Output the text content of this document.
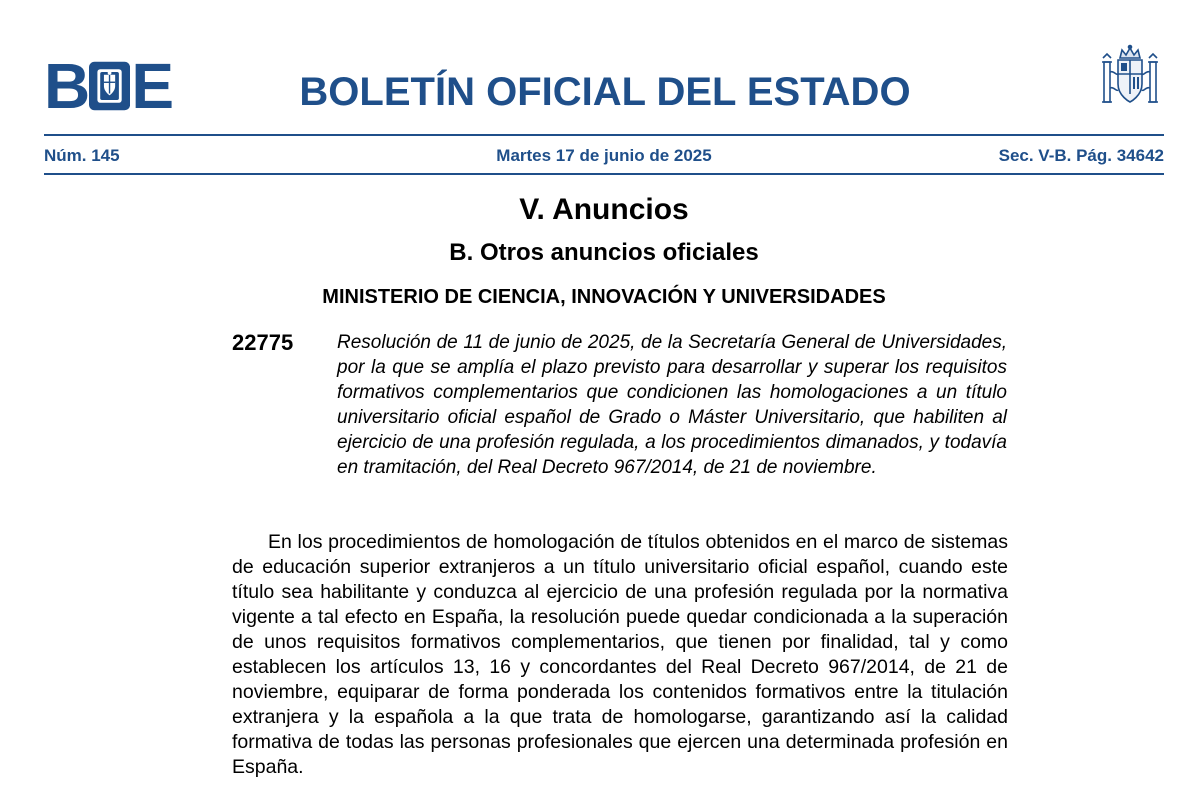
B E	BOLETÍN OFICIAL DEL ESTADO
Martes 17 de junio de 2025
Núm. 145	Sec. V-B. Pág. 34642
V. Anuncios
B. Otros anuncios oficiales
MINISTERIO DE CIENCIA, INNOVACIÓN Y UNIVERSIDADES
22775 Resolución de 11 de junio de 2025, de la Secretaría General de Universidades, por la que se amplía el plazo previsto para desarrollar y superar los requisitos formativos complementarios que condicionen las homologaciones a un título universitario oficial español de Grado o Máster Universitario, que habiliten al ejercicio de una profesión regulada, a los procedimientos dimanados, y todavía en tramitación, del Real Decreto 967/2014, de 21 de noviembre.

En los procedimientos de homologación de títulos obtenidos en el marco de sistemas de educación superior extranjeros a un título universitario oficial español, cuando este título sea habilitante y conduzca al ejercicio de una profesión regulada por la normativa vigente a tal efecto en España, la resolución puede quedar condicionada a la superación de unos requisitos formativos complementarios, que tienen por finalidad, tal y como establecen los artículos 13, 16 y concordantes del Real Decreto 967/2014, de 21 de noviembre, equiparar de forma ponderada los contenidos formativos entre la titulación extranjera y la española a la que trata de homologarse, garantizando así la calidad formativa de todas las personas profesionales que ejercen una determinada profesión en España.
